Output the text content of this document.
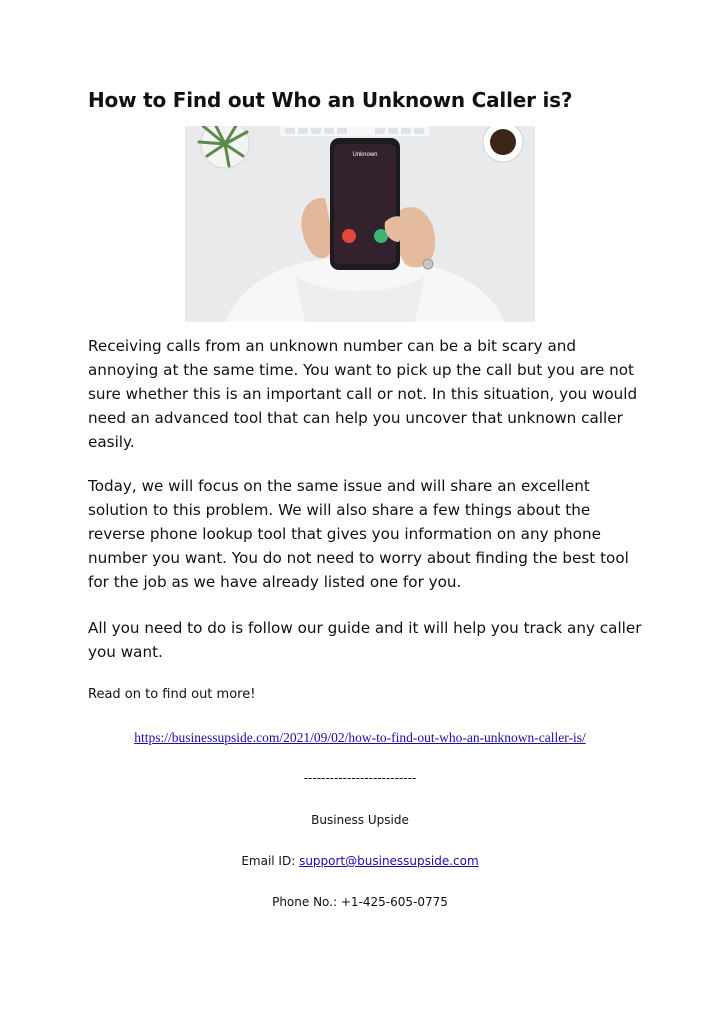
How to Find out Who an Unknown Caller is?
Unknown

Receiving calls from an unknown number can be a bit scary and annoying at the same time. You want to pick up the call but you are not sure whether this is an important call or not. In this situation, you would need an advanced tool that can help you uncover that unknown caller easily.

Today, we will focus on the same issue and will share an excellent solution to this problem. We will also share a few things about the reverse phone lookup tool that gives you information on any phone number you want. You do not need to worry about finding the best tool for the job as we have already listed one for you.

All you need to do is follow our guide and it will help you track any caller you want.

Read on to find out more!

https://businessupside.com/2021/09/02/how-to-find-out-who-an-unknown-caller-is/
--------------------------
Business Upside
Email ID: support@businessupside.com
Phone No.: +1-425-605-0775
